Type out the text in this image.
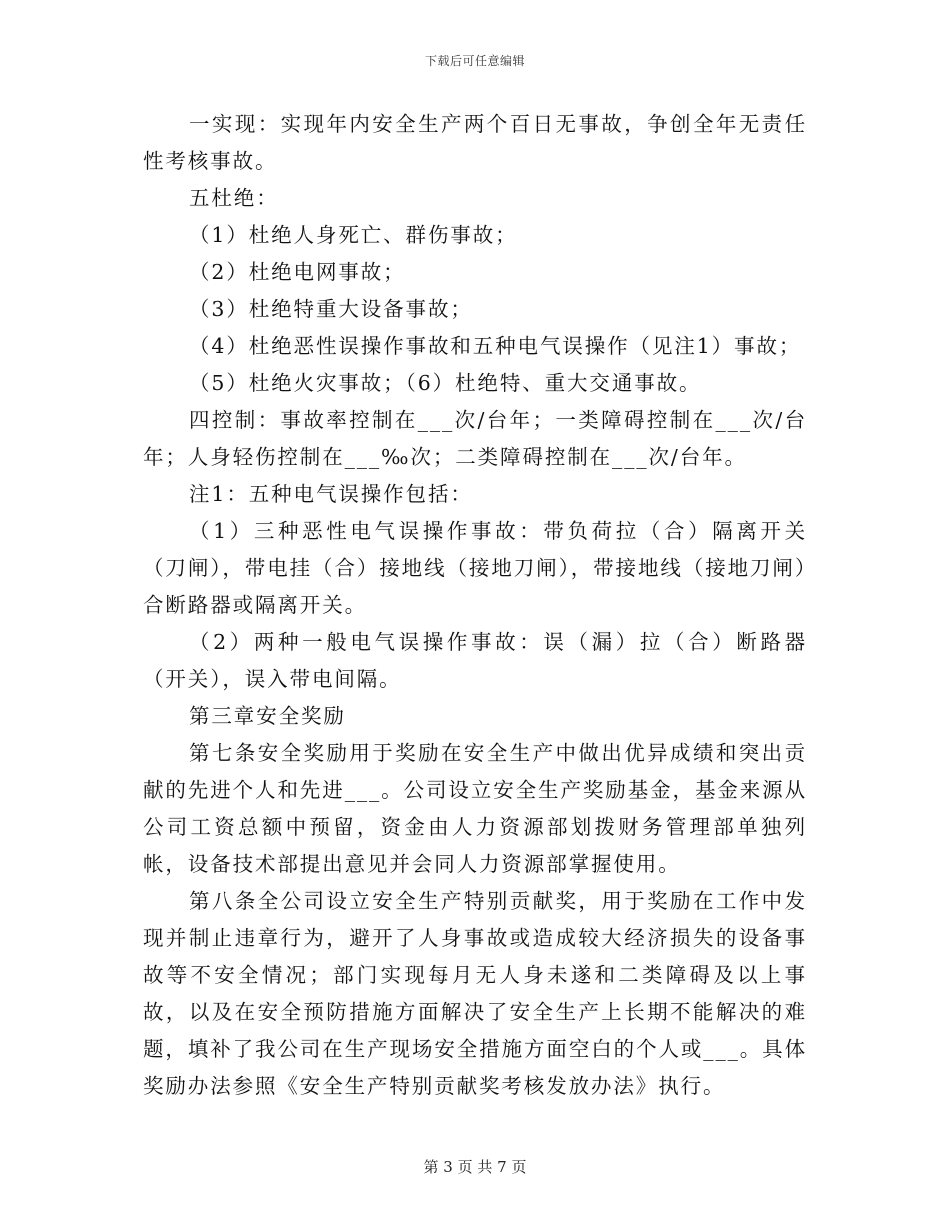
下载后可任意编辑

一实现：实现年内安全生产两个百日无事故，争创全年无责任性考核事故。

五杜绝：

（1）杜绝人身死亡、群伤事故；

（2）杜绝电网事故；

（3）杜绝特重大设备事故；

（4）杜绝恶性误操作事故和五种电气误操作（见注1）事故；

（5）杜绝火灾事故；（6）杜绝特、重大交通事故。

四控制：事故率控制在___次/台年；一类障碍控制在___次/台年；人身轻伤控制在___‰次；二类障碍控制在___次/台年。

注1：五种电气误操作包括：

（1）三种恶性电气误操作事故：带负荷拉（合）隔离开关（刀闸），带电挂（合）接地线（接地刀闸），带接地线（接地刀闸）合断路器或隔离开关。

（2）两种一般电气误操作事故：误（漏）拉（合）断路器（开关），误入带电间隔。

第三章安全奖励

第七条安全奖励用于奖励在安全生产中做出优异成绩和突出贡献的先进个人和先进___。公司设立安全生产奖励基金，基金来源从公司工资总额中预留，资金由人力资源部划拨财务管理部单独列帐，设备技术部提出意见并会同人力资源部掌握使用。

第八条全公司设立安全生产特别贡献奖，用于奖励在工作中发现并制止违章行为，避开了人身事故或造成较大经济损失的设备事故等不安全情况；部门实现每月无人身未遂和二类障碍及以上事故，以及在安全预防措施方面解决了安全生产上长期不能解决的难题，填补了我公司在生产现场安全措施方面空白的个人或___。具体奖励办法参照《安全生产特别贡献奖考核发放办法》执行。

第 3 页 共 7 页
